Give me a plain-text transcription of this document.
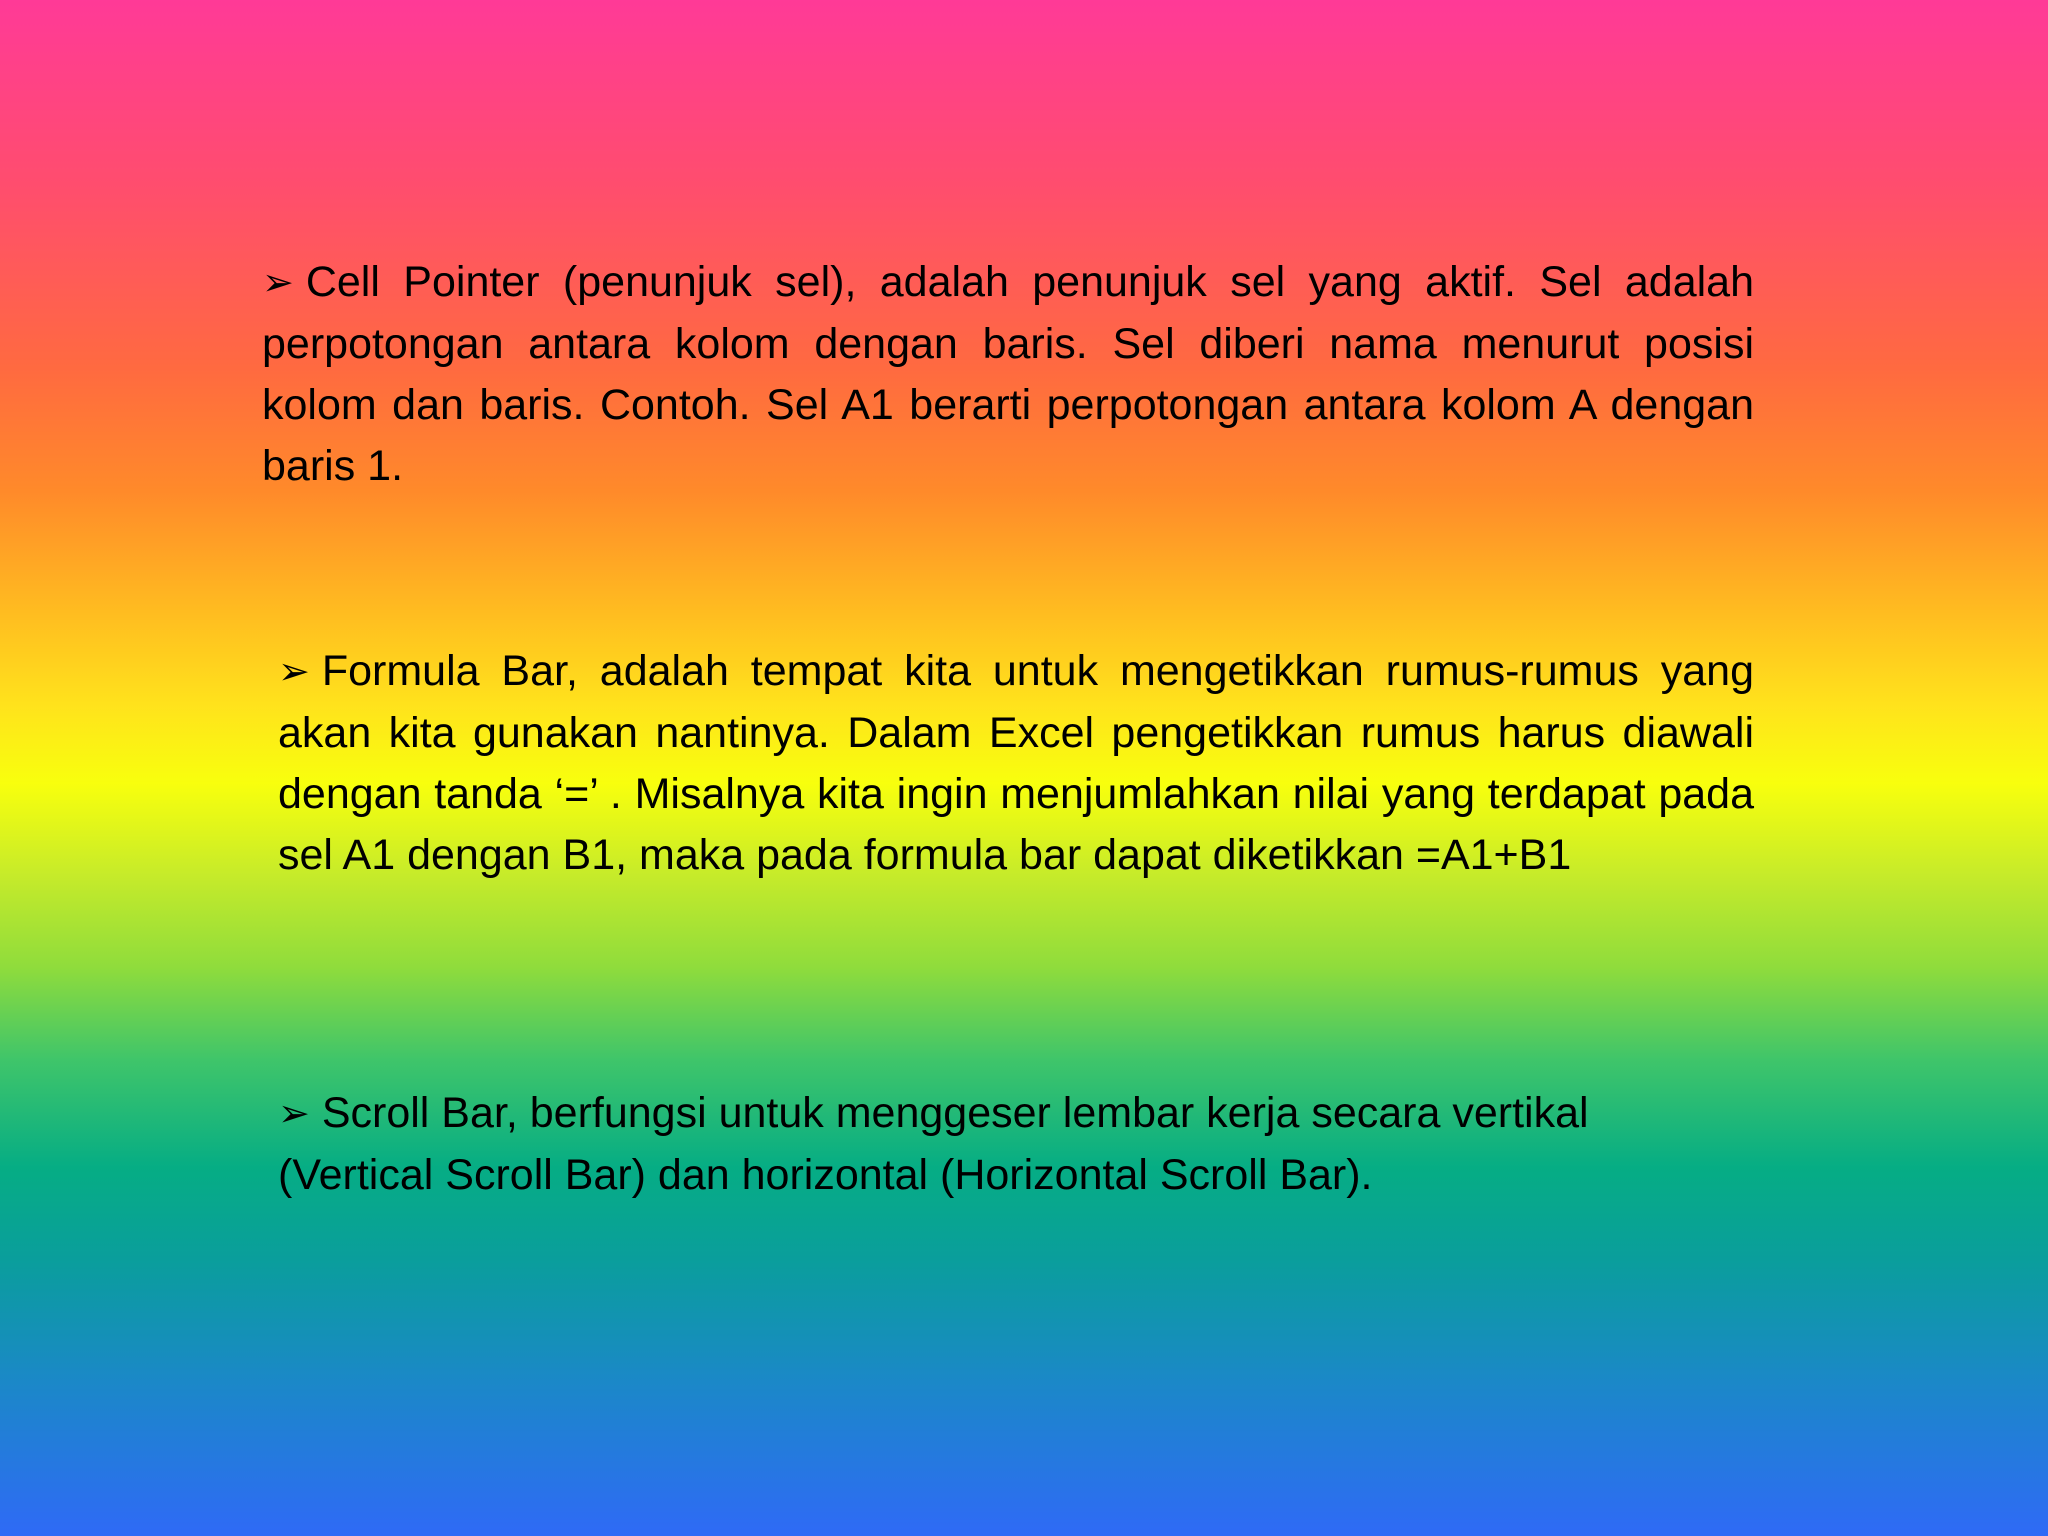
➢ Cell Pointer (penunjuk sel), adalah penunjuk sel yang aktif. Sel adalah perpotongan antara kolom dengan baris. Sel diberi nama menurut posisi kolom dan baris. Contoh. Sel A1 berarti perpotongan antara kolom A dengan baris 1.

➢ Formula Bar, adalah tempat kita untuk mengetikkan rumus-rumus yang akan kita gunakan nantinya. Dalam Excel pengetikkan rumus harus diawali dengan tanda ‘=’ . Misalnya kita ingin menjumlahkan nilai yang terdapat pada sel A1 dengan B1, maka pada formula bar dapat diketikkan =A1+B1

➢ Scroll Bar, berfungsi untuk menggeser lembar kerja secara vertikal (Vertical Scroll Bar) dan horizontal (Horizontal Scroll Bar).
